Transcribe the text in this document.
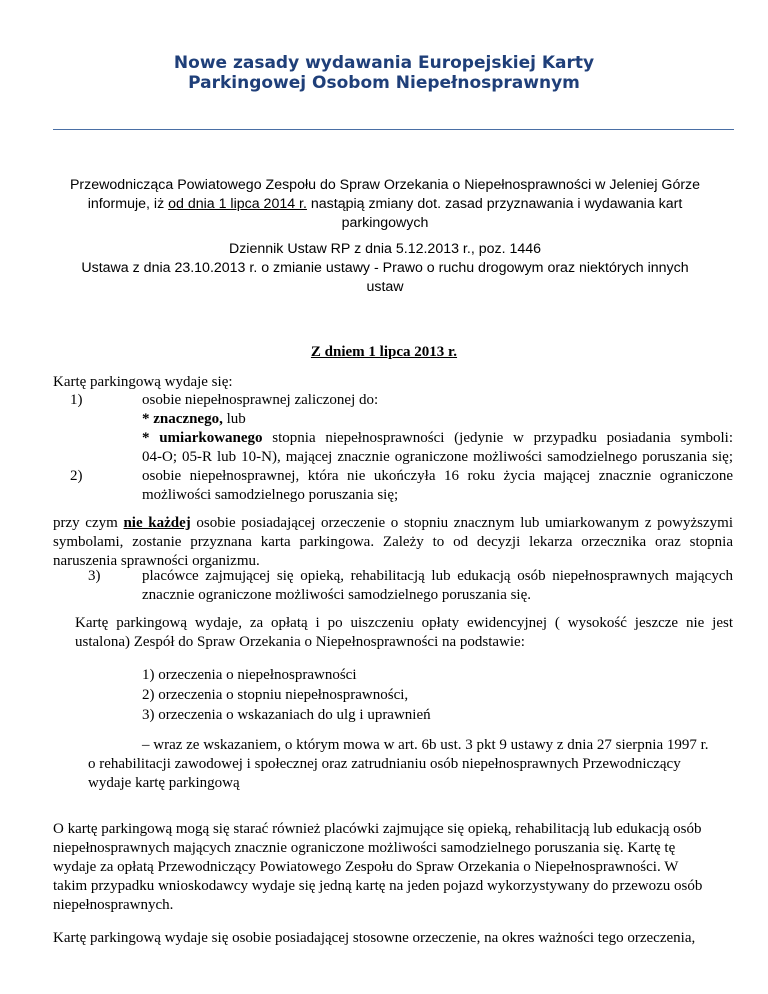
Nowe zasady wydawania Europejskiej Karty
Parkingowej Osobom Niepełnosprawnym
Przewodnicząca Powiatowego Zespołu do Spraw Orzekania o Niepełnosprawności w Jeleniej Górze
informuje, iż od dnia 1 lipca 2014 r. nastąpią zmiany dot. zasad przyznawania i wydawania kart
parkingowych
Dziennik Ustaw RP z dnia 5.12.2013 r., poz. 1446
Ustawa z dnia 23.10.2013 r. o zmianie ustawy - Prawo o ruchu drogowym oraz niektórych innych
ustaw
Z dniem 1 lipca 2013 r.
Kartę parkingową wydaje się:
1)	osobie niepełnosprawnej zaliczonej do:
* znacznego, lub
* umiarkowanego stopnia niepełnosprawności (jedynie w przypadku posiadania symboli:
04-O; 05-R lub 10-N), mającej znacznie ograniczone możliwości samodzielnego poruszania się;
2)	osobie niepełnosprawnej, która nie ukończyła 16 roku życia mającej znacznie ograniczone
możliwości samodzielnego poruszania się;
przy czym nie każdej osobie posiadającej orzeczenie o stopniu znacznym lub umiarkowanym z powyższymi
symbolami, zostanie przyznana karta parkingowa. Zależy to od decyzji lekarza orzecznika oraz stopnia
naruszenia sprawności organizmu.
3)	placówce zajmującej się opieką, rehabilitacją lub edukacją osób niepełnosprawnych mających
znacznie ograniczone możliwości samodzielnego poruszania się.
Kartę parkingową wydaje, za opłatą i po uiszczeniu opłaty ewidencyjnej ( wysokość jeszcze nie jest
ustalona) Zespół do Spraw Orzekania o Niepełnosprawności na podstawie:
1) orzeczenia o niepełnosprawności
2) orzeczenia o stopniu niepełnosprawności,
3) orzeczenia o wskazaniach do ulg i uprawnień
– wraz ze wskazaniem, o którym mowa w art. 6b ust. 3 pkt 9 ustawy z dnia 27 sierpnia 1997 r.
o rehabilitacji zawodowej i społecznej oraz zatrudnianiu osób niepełnosprawnych Przewodniczący
wydaje kartę parkingową
O kartę parkingową mogą się starać również placówki zajmujące się opieką, rehabilitacją lub edukacją osób
niepełnosprawnych mających znacznie ograniczone możliwości samodzielnego poruszania się. Kartę tę
wydaje za opłatą Przewodniczący Powiatowego Zespołu do Spraw Orzekania o Niepełnosprawności. W
takim przypadku wnioskodawcy wydaje się jedną kartę na jeden pojazd wykorzystywany do przewozu osób
niepełnosprawnych.
Kartę parkingową wydaje się osobie posiadającej stosowne orzeczenie, na okres ważności tego orzeczenia,
